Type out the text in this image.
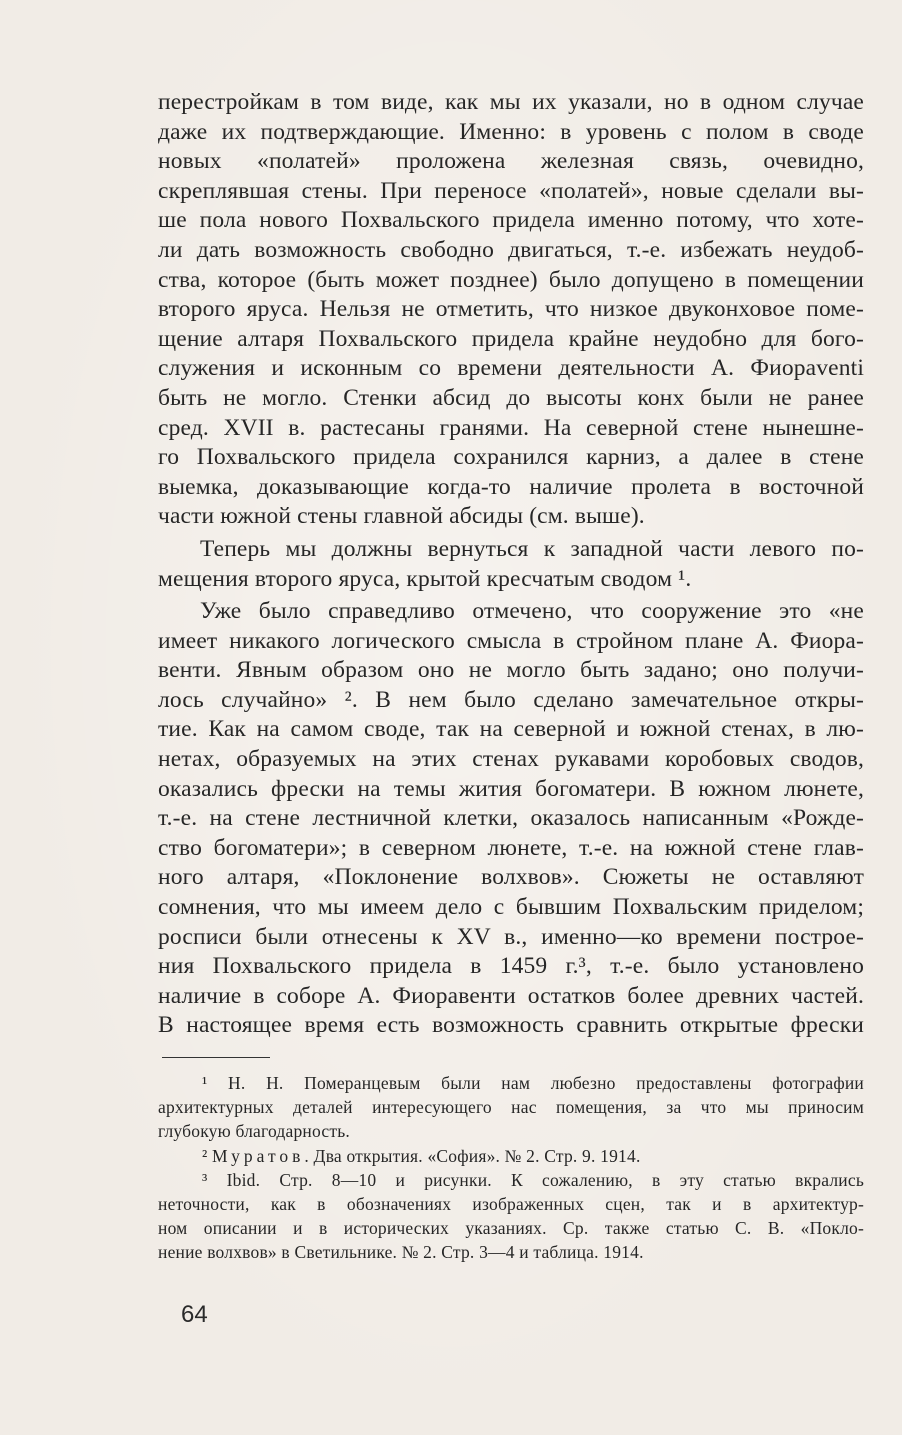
перестройкам в том виде, как мы их указали, но в одном случае
даже их подтверждающие. Именно: в уровень с полом в своде
новых «полатей» проложена железная связь, очевидно,
скреплявшая стены. При переносе «полатей», новые сделали вы-
ше пола нового Похвальского придела именно потому, что хоте-
ли дать возможность свободно двигаться, т.-е. избежать неудоб-
ства, которое (быть может позднее) было допущено в помещении
второго яруса. Нельзя не отметить, что низкое двуконховое поме-
щение алтаря Похвальского придела крайне неудобно для бого-
служения и исконным со времени деятельности А. Фиораventi
быть не могло. Стенки абсид до высоты конх были не ранее
сред. XVII в. растесаны гранями. На северной стене нынешне-
го Похвальского придела сохранился карниз, а далее в стене
выемка, доказывающие когда-то наличие пролета в восточной
части южной стены главной абсиды (см. выше).
Теперь мы должны вернуться к западной части левого по-
мещения второго яруса, крытой кресчатым сводом ¹.
Уже было справедливо отмечено, что сооружение это «не
имеет никакого логического смысла в стройном плане А. Фиора-
венти. Явным образом оно не могло быть задано; оно получи-
лось случайно» ². В нем было сделано замечательное откры-
тие. Как на самом своде, так на северной и южной стенах, в лю-
нетах, образуемых на этих стенах рукавами коробовых сводов,
оказались фрески на темы жития богоматери. В южном люнете,
т.-е. на стене лестничной клетки, оказалось написанным «Рожде-
ство богоматери»; в северном люнете, т.-е. на южной стене глав-
ного алтаря, «Поклонение волхвов». Сюжеты не оставляют
сомнения, что мы имеем дело с бывшим Похвальским приделом;
росписи были отнесены к XV в., именно—ко времени построе-
ния Похвальского придела в 1459 г.³, т.-е. было установлено
наличие в соборе А. Фиоравенти остатков более древних частей.
В настоящее время есть возможность сравнить открытые фрески
¹ Н. Н. Померанцевым были нам любезно предоставлены фотографии
архитектурных деталей интересующего нас помещения, за что мы приносим
глубокую благодарность.
² Муратов. Два открытия. «София». № 2. Стр. 9. 1914.
³ Ibid. Стр. 8—10 и рисунки. К сожалению, в эту статью вкрались
неточности, как в обозначениях изображенных сцен, так и в архитектур-
ном описании и в исторических указаниях. Ср. также статью С. В. «Покло-
нение волхвов» в Светильнике. № 2. Стр. 3—4 и таблица. 1914.
64
